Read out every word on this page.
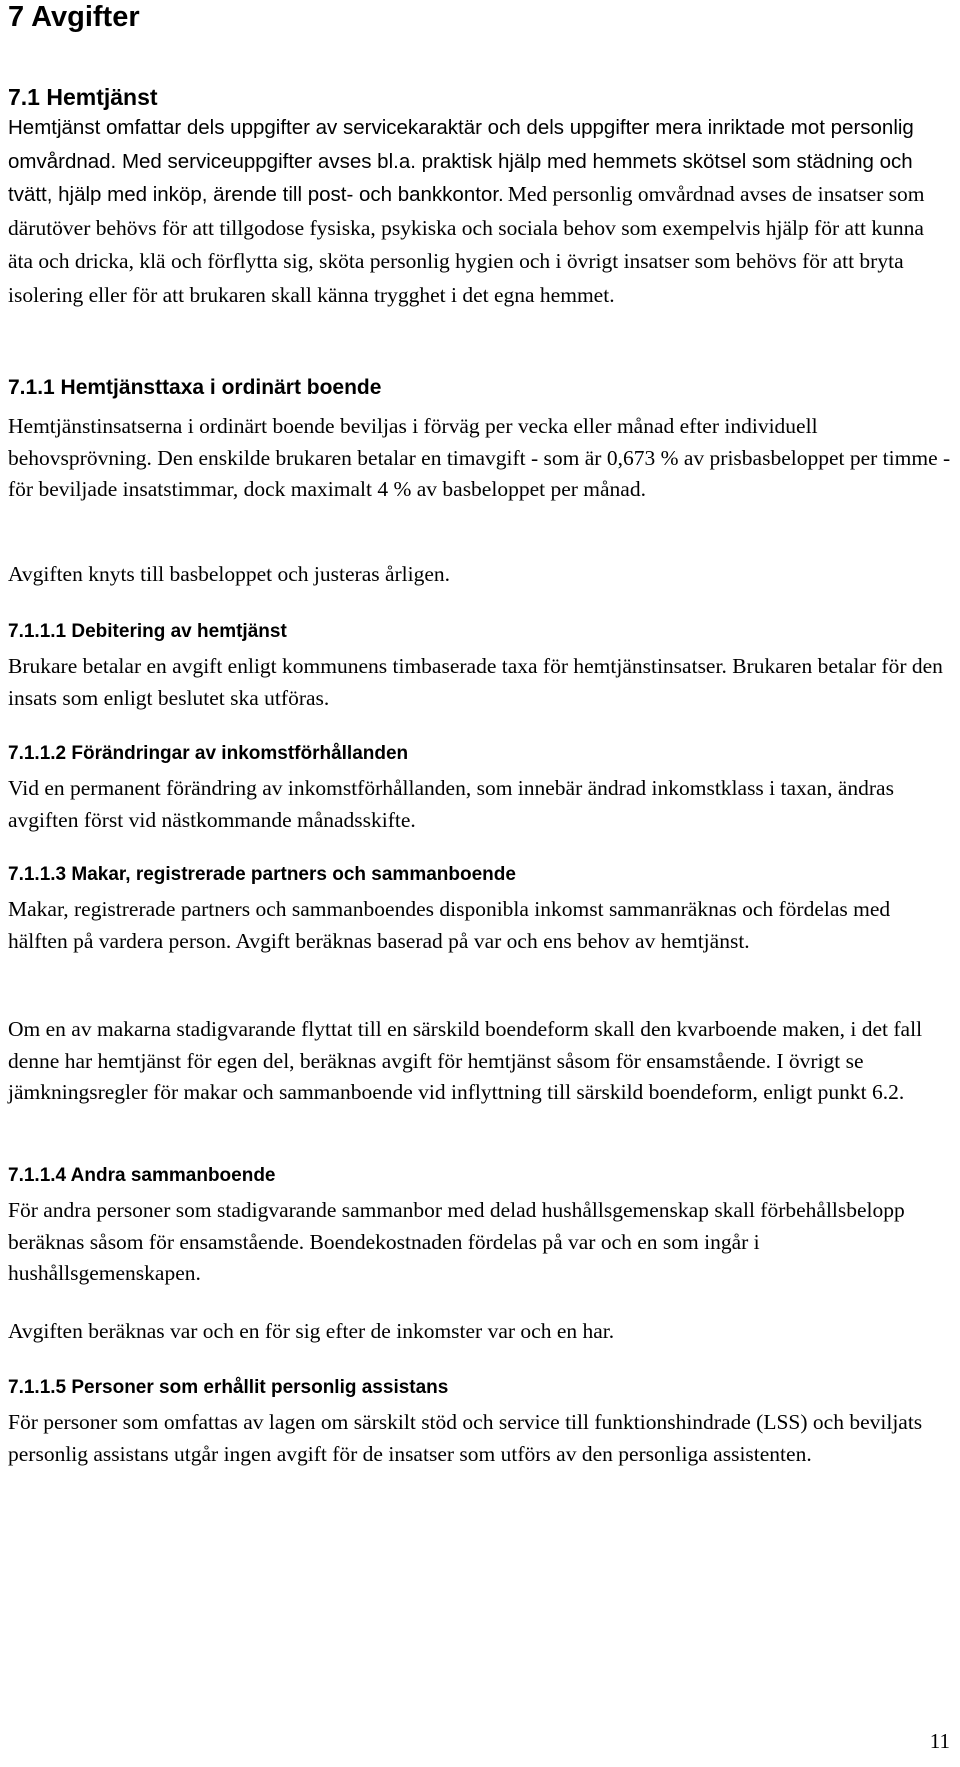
7 Avgifter
7.1 Hemtjänst

Hemtjänst omfattar dels uppgifter av servicekaraktär och dels uppgifter mera inriktade mot personlig omvårdnad. Med serviceuppgifter avses bl.a. praktisk hjälp med hemmets skötsel som städning och tvätt, hjälp med inköp, ärende till post- och bankkontor. Med personlig omvårdnad avses de insatser som därutöver behövs för att tillgodose fysiska, psykiska och sociala behov som exempelvis hjälp för att kunna äta och dricka, klä och förflytta sig, sköta personlig hygien och i övrigt insatser som behövs för att bryta isolering eller för att brukaren skall känna trygghet i det egna hemmet.

7.1.1 Hemtjänsttaxa i ordinärt boende

Hemtjänstinsatserna i ordinärt boende beviljas i förväg per vecka eller månad efter individuell behovsprövning. Den enskilde brukaren betalar en timavgift - som är 0,673 % av prisbasbeloppet per timme - för beviljade insatstimmar, dock maximalt 4 % av basbeloppet per månad.

Avgiften knyts till basbeloppet och justeras årligen.

7.1.1.1 Debitering av hemtjänst

Brukare betalar en avgift enligt kommunens timbaserade taxa för hemtjänstinsatser. Brukaren betalar för den insats som enligt beslutet ska utföras.

7.1.1.2 Förändringar av inkomstförhållanden

Vid en permanent förändring av inkomstförhållanden, som innebär ändrad inkomstklass i taxan, ändras avgiften först vid nästkommande månadsskifte.

7.1.1.3 Makar, registrerade partners och sammanboende

Makar, registrerade partners och sammanboendes disponibla inkomst sammanräknas och fördelas med hälften på vardera person. Avgift beräknas baserad på var och ens behov av hemtjänst.

Om en av makarna stadigvarande flyttat till en särskild boendeform skall den kvarboende maken, i det fall denne har hemtjänst för egen del, beräknas avgift för hemtjänst såsom för ensamstående. I övrigt se jämkningsregler för makar och sammanboende vid inflyttning till särskild boendeform, enligt punkt 6.2.

7.1.1.4 Andra sammanboende

För andra personer som stadigvarande sammanbor med delad hushållsgemenskap skall förbehållsbelopp beräknas såsom för ensamstående. Boendekostnaden fördelas på var och en som ingår i hushållsgemenskapen.

Avgiften beräknas var och en för sig efter de inkomster var och en har.

7.1.1.5 Personer som erhållit personlig assistans

För personer som omfattas av lagen om särskilt stöd och service till funktionshindrade (LSS) och beviljats personlig assistans utgår ingen avgift för de insatser som utförs av den personliga assistenten.

11
